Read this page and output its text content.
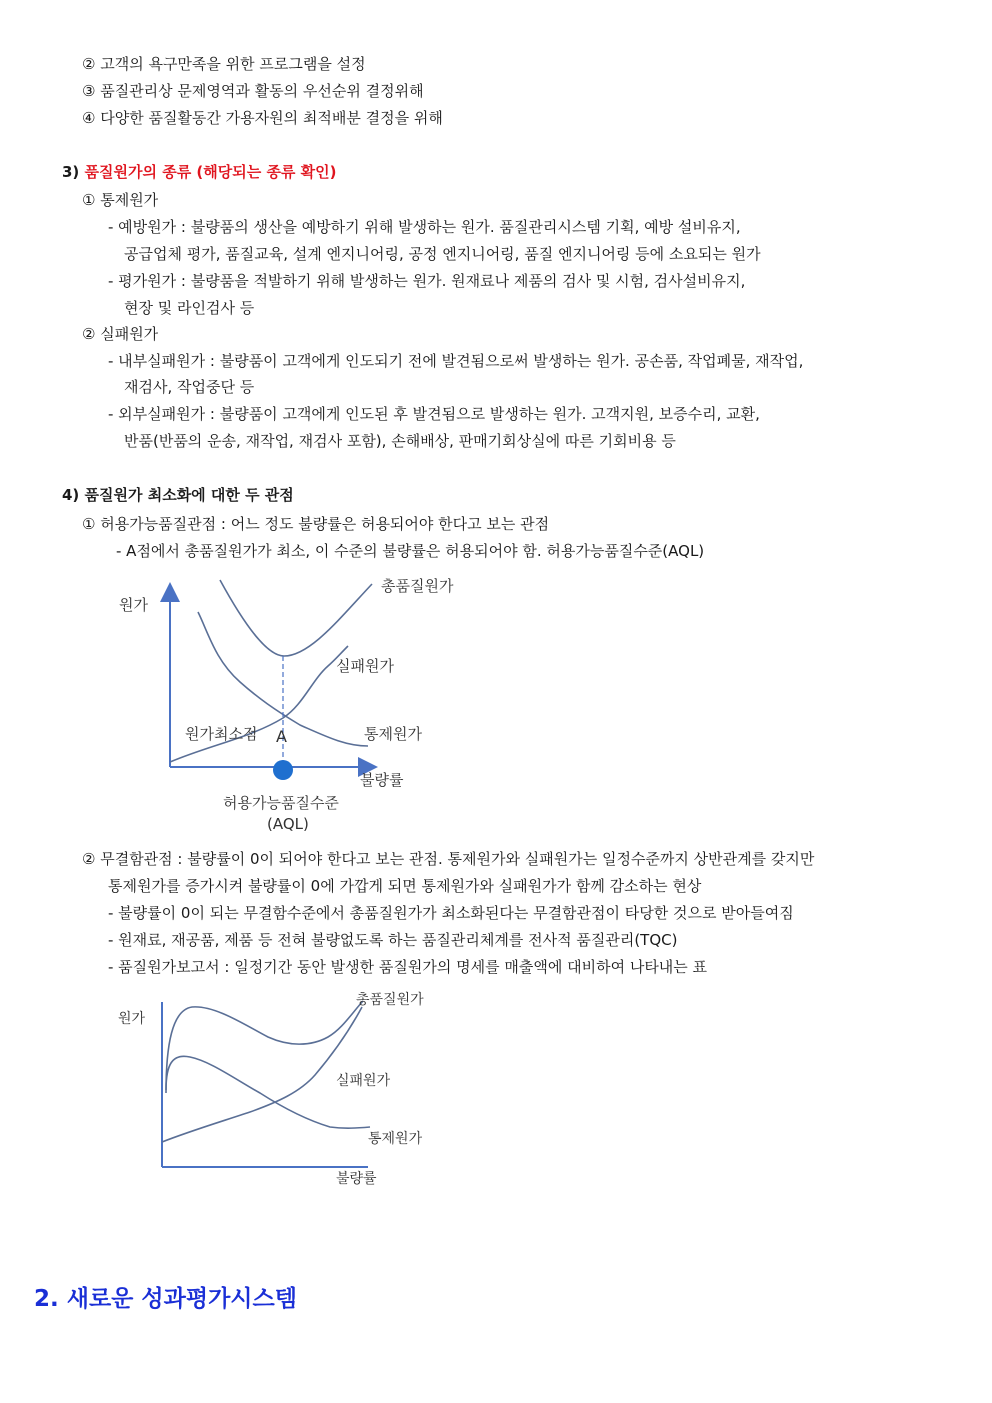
② 고객의 욕구만족을 위한 프로그램을 설정
③ 품질관리상 문제영역과 활동의 우선순위 결정위해
④ 다양한 품질활동간 가용자원의 최적배분 결정을 위해
3) 품질원가의 종류 (해당되는 종류 확인)
① 통제원가
- 예방원가 : 불량품의 생산을 예방하기 위해 발생하는 원가. 품질관리시스템 기획, 예방 설비유지,
공급업체 평가, 품질교육, 설계 엔지니어링, 공정 엔지니어링, 품질 엔지니어링 등에 소요되는 원가
- 평가원가 : 불량품을 적발하기 위해 발생하는 원가. 원재료나 제품의 검사 및 시험, 검사설비유지,
현장 및 라인검사 등
② 실패원가
- 내부실패원가 : 불량품이 고객에게 인도되기 전에 발견됨으로써 발생하는 원가. 공손품, 작업폐물, 재작업,
재검사, 작업중단 등
- 외부실패원가 : 불량품이 고객에게 인도된 후 발견됨으로 발생하는 원가. 고객지원, 보증수리, 교환,
반품(반품의 운송, 재작업, 재검사 포함), 손해배상, 판매기회상실에 따른 기회비용 등
4) 품질원가 최소화에 대한 두 관점
① 허용가능품질관점 : 어느 정도 불량률은 허용되어야 한다고 보는 관점
- A점에서 총품질원가가 최소, 이 수준의 불량률은 허용되어야 함. 허용가능품질수준(AQL)
원가
총품질원가
실패원가
원가최소점 A	통제원가
불량률
허용가능품질수준
(AQL)
② 무결함관점 : 불량률이 0이 되어야 한다고 보는 관점. 통제원가와 실패원가는 일정수준까지 상반관계를 갖지만
통제원가를 증가시켜 불량률이 0에 가깝게 되면 통제원가와 실패원가가 함께 감소하는 현상
- 불량률이 0이 되는 무결함수준에서 총품질원가가 최소화된다는 무결함관점이 타당한 것으로 받아들여짐
- 원재료, 재공품, 제품 등 전혀 불량없도록 하는 품질관리체계를 전사적 품질관리(TQC)
- 품질원가보고서 : 일정기간 동안 발생한 품질원가의 명세를 매출액에 대비하여 나타내는 표
원가
총품질원가
실패원가
통제원가
불량률
2. 새로운 성과평가시스템
